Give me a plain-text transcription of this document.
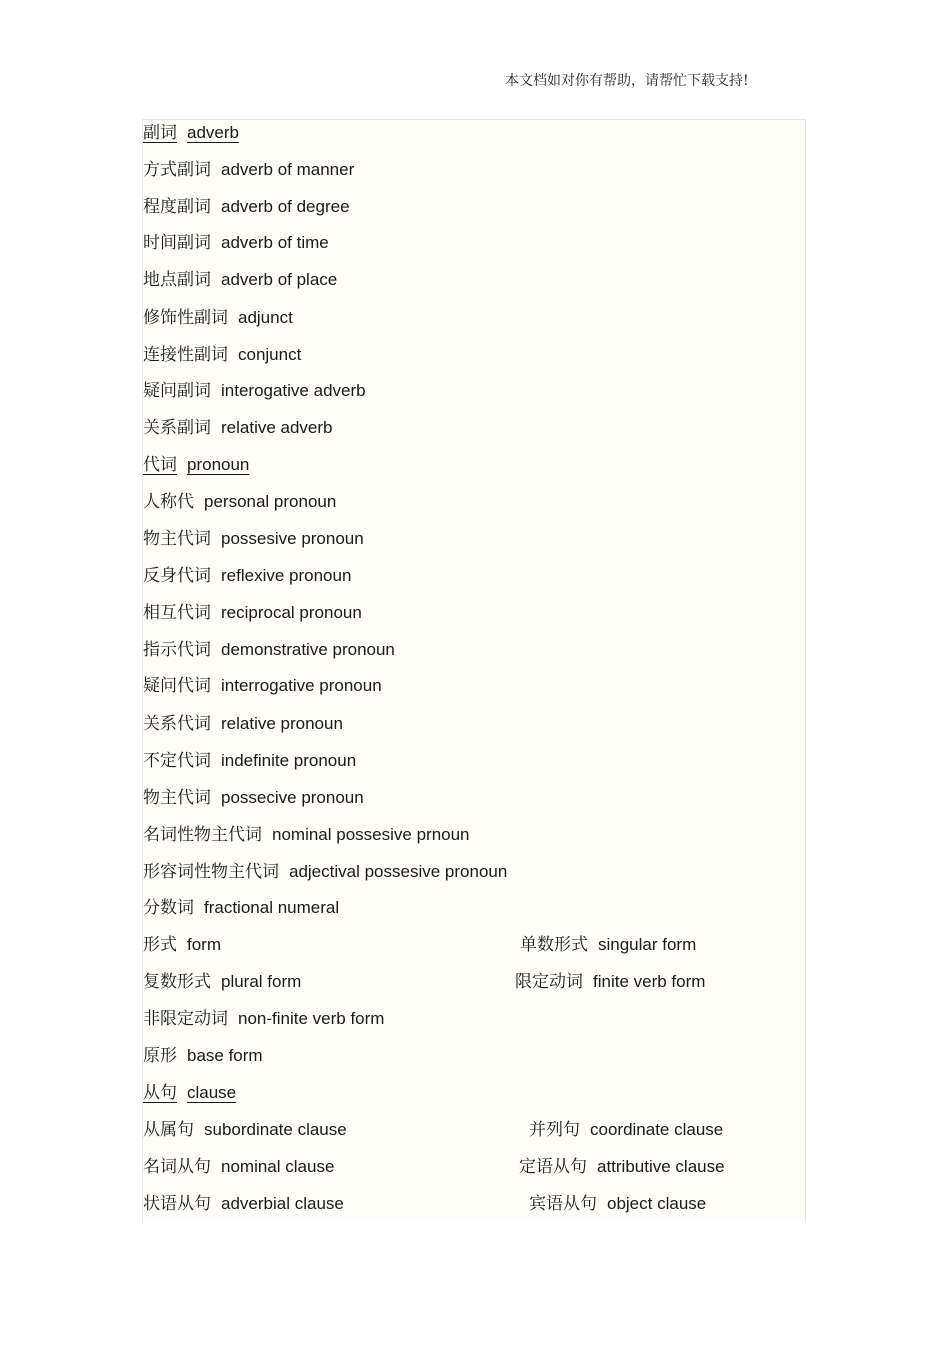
本文档如对你有帮助，请帮忙下载支持!
副词 adverb
方式副词 adverb of manner
程度副词 adverb of degree
时间副词 adverb of time
地点副词 adverb of place
修饰性副词 adjunct
连接性副词 conjunct
疑问副词 interogative adverb
关系副词 relative adverb
代词 pronoun
人称代 personal pronoun
物主代词 possesive pronoun
反身代词 reflexive pronoun
相互代词 reciprocal pronoun
指示代词 demonstrative pronoun
疑问代词 interrogative pronoun
关系代词 relative pronoun
不定代词 indefinite pronoun
物主代词 possecive pronoun
名词性物主代词 nominal possesive prnoun
形容词性物主代词 adjectival possesive pronoun
分数词 fractional numeral
形式 form	单数形式 singular form
复数形式 plural form	限定动词 finite verb form
非限定动词 non-finite verb form
原形 base form
从句 clause
从属句 subordinate clause	并列句 coordinate clause
名词从句 nominal clause	定语从句 attributive clause
状语从句 adverbial clause	宾语从句 object clause
